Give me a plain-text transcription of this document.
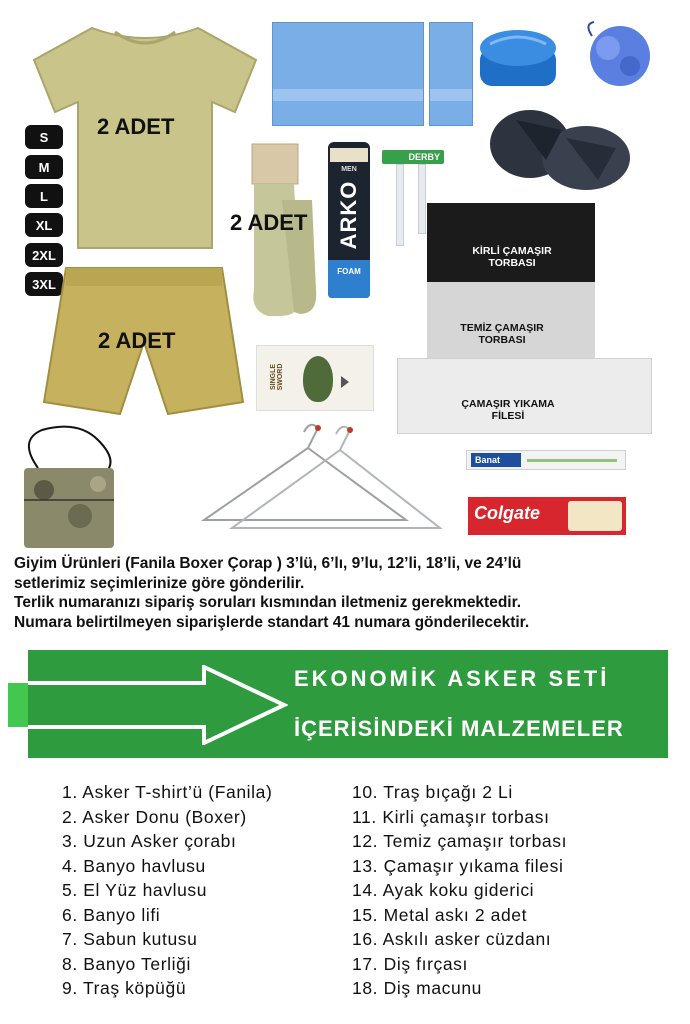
2 ADET
S
M
L
XL
2XL
3XL
2 ADET
2 ADET
MEN
ARKO
FOAM
DERBY
KİRLİ ÇAMAŞIR TORBASI
TEMİZ ÇAMAŞIR TORBASI
ÇAMAŞIR YIKAMA FİLESİ
SINGLE SWORD
Banat
Colgate
Giyim Ürünleri (Fanila Boxer Çorap ) 3’lü, 6’lı, 9’lu, 12’li, 18’li, ve 24’lü
setlerimiz seçimlerinize göre gönderilir.
Terlik numaranızı sipariş soruları kısmından iletmeniz gerekmektedir.
Numara belirtilmeyen siparişlerde standart 41 numara gönderilecektir.
EKONOMİK ASKER SETİ
İÇERİSİNDEKİ MALZEMELER
1. Asker T-shirt’ü (Fanila)
2. Asker Donu (Boxer)
3. Uzun Asker çorabı
4. Banyo havlusu
5. El Yüz havlusu
6. Banyo lifi
7. Sabun kutusu
8. Banyo Terliği
9. Traş köpüğü
10. Traş bıçağı 2 Li
11. Kirli çamaşır torbası
12. Temiz çamaşır torbası
13. Çamaşır yıkama filesi
14. Ayak koku giderici
15. Metal askı 2 adet
16. Askılı asker cüzdanı
17. Diş fırçası
18. Diş macunu
